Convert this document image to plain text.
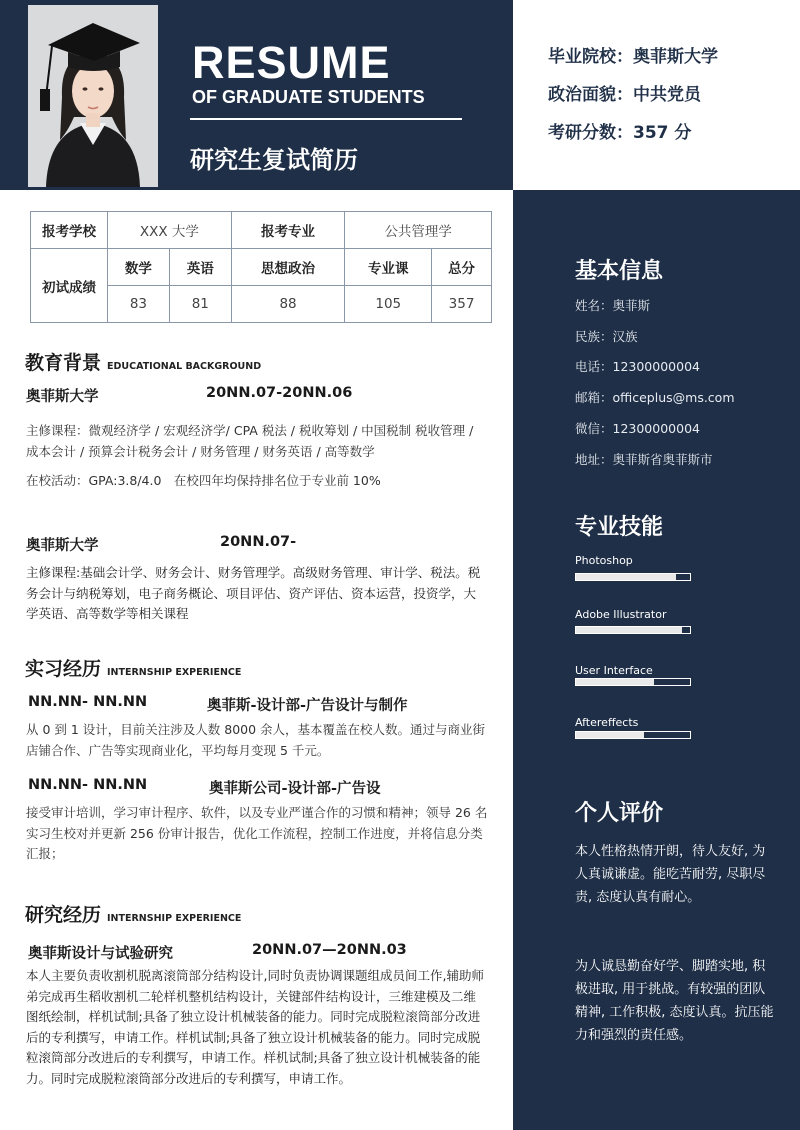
RESUME
OF GRADUATE STUDENTS
研究生复试简历
毕业院校：奥菲斯大学
政治面貌：中共党员
考研分数：357 分
报考学校	XXX 大学		报考专业	公共管理学	
初试成绩	数学	英语	思想政治	专业课	总分
	83	81	88	105	357
教育背景 EDUCATIONAL BACKGROUND
奥菲斯大学	20NN.07-20NN.06
主修课程：微观经济学 / 宏观经济学/ CPA 税法 / 税收筹划 / 中国税制 税收管理 / 成本会计 / 预算会计税务会计 / 财务管理 / 财务英语 / 高等数学
在校活动：GPA:3.8/4.0　在校四年均保持排名位于专业前 10%
奥菲斯大学	20NN.07-
主修课程:基础会计学、财务会计、财务管理学。高级财务管理、审计学、税法。税务会计与纳税筹划，电子商务概论、项目评估、资产评估、资本运营，投资学，大学英语、高等数学等相关课程
实习经历 INTERNSHIP EXPERIENCE
NN.NN- NN.NN	奥菲斯-设计部-广告设计与制作
从 0 到 1 设计，目前关注涉及人数 8000 余人，基本覆盖在校人数。通过与商业街店铺合作、广告等实现商业化，平均每月变现 5 千元。
NN.NN- NN.NN	奥菲斯公司-设计部-广告设
接受审计培训，学习审计程序、软件，以及专业严谨合作的习惯和精神；领导 26 名实习生校对并更新 256 份审计报告，优化工作流程，控制工作进度，并将信息分类汇报；
研究经历 INTERNSHIP EXPERIENCE
奥菲斯设计与试验研究	20NN.07—20NN.03
本人主要负责收割机脱离滚筒部分结构设计,同时负责协调课题组成员间工作,辅助师弟完成再生稻收割机二轮样机整机结构设计，关键部件结构设计，三维建模及二维图纸绘制，样机试制;具备了独立设计机械装备的能力。同时完成脱粒滚筒部分改进后的专利撰写，申请工作。样机试制;具备了独立设计机械装备的能力。同时完成脱粒滚筒部分改进后的专利撰写，申请工作。样机试制;具备了独立设计机械装备的能力。同时完成脱粒滚筒部分改进后的专利撰写，申请工作。
基本信息
姓名：奥菲斯
民族：汉族
电话：12300000004
邮箱：officeplus@ms.com
微信：12300000004
地址：奥菲斯省奥菲斯市
专业技能
Photoshop
Adobe Illustrator
User Interface
Aftereffects
个人评价
本人性格热情开朗，待人友好, 为人真诚谦虚。能吃苦耐劳, 尽职尽责, 态度认真有耐心。
为人诚恳勤奋好学、脚踏实地, 积极进取, 用于挑战。有较强的团队精神, 工作积极, 态度认真。抗压能力和强烈的责任感。
